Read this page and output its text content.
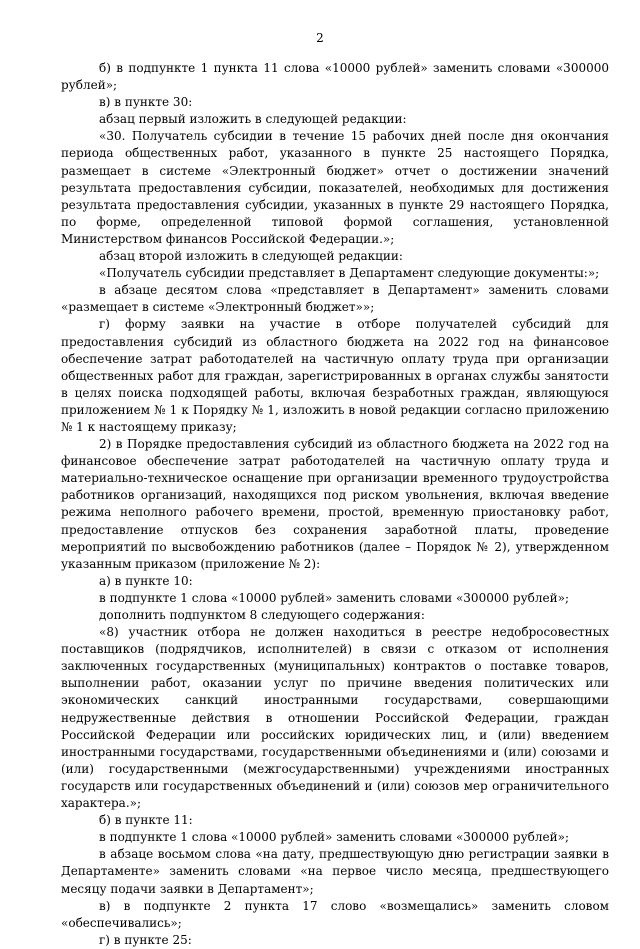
2

б) в подпункте 1 пункта 11 слова «10000 рублей» заменить словами «300000 рублей»;

в) в пункте 30:

абзац первый изложить в следующей редакции:

«30. Получатель субсидии в течение 15 рабочих дней после дня окончания периода общественных работ, указанного в пункте 25 настоящего Порядка, размещает в системе «Электронный бюджет» отчет о достижении значений результата предоставления субсидии, показателей, необходимых для достижения результата предоставления субсидии, указанных в пункте 29 настоящего Порядка, по форме, определенной типовой формой соглашения, установленной Министерством финансов Российской Федерации.»;

абзац второй изложить в следующей редакции:

«Получатель субсидии представляет в Департамент следующие документы:»;

в абзаце десятом слова «представляет в Департамент» заменить словами «размещает в системе «Электронный бюджет»»;

г) форму заявки на участие в отборе получателей субсидий для предоставления субсидий из областного бюджета на 2022 год на финансовое обеспечение затрат работодателей на частичную оплату труда при организации общественных работ для граждан, зарегистрированных в органах службы занятости в целях поиска подходящей работы, включая безработных граждан, являющуюся приложением № 1 к Порядку № 1, изложить в новой редакции согласно приложению № 1 к настоящему приказу;

2) в Порядке предоставления субсидий из областного бюджета на 2022 год на финансовое обеспечение затрат работодателей на частичную оплату труда и материально-техническое оснащение при организации временного трудоустройства работников организаций, находящихся под риском увольнения, включая введение режима неполного рабочего времени, простой, временную приостановку работ, предоставление отпусков без сохранения заработной платы, проведение мероприятий по высвобождению работников (далее – Порядок № 2), утвержденном указанным приказом (приложение № 2):

а) в пункте 10:

в подпункте 1 слова «10000 рублей» заменить словами «300000 рублей»;

дополнить подпунктом 8 следующего содержания:

«8) участник отбора не должен находиться в реестре недобросовестных поставщиков (подрядчиков, исполнителей) в связи с отказом от исполнения заключенных государственных (муниципальных) контрактов о поставке товаров, выполнении работ, оказании услуг по причине введения политических или экономических санкций иностранными государствами, совершающими недружественные действия в отношении Российской Федерации, граждан Российской Федерации или российских юридических лиц, и (или) введением иностранными государствами, государственными объединениями и (или) союзами и (или) государственными (межгосударственными) учреждениями иностранных государств или государственных объединений и (или) союзов мер ограничительного характера.»;

б) в пункте 11:

в подпункте 1 слова «10000 рублей» заменить словами «300000 рублей»;

в абзаце восьмом слова «на дату, предшествующую дню регистрации заявки в Департаменте» заменить словами «на первое число месяца, предшествующего месяцу подачи заявки в Департамент»;

в) в подпункте 2 пункта 17 слово «возмещались» заменить словом «обеспечивались»;

г) в пункте 25:
